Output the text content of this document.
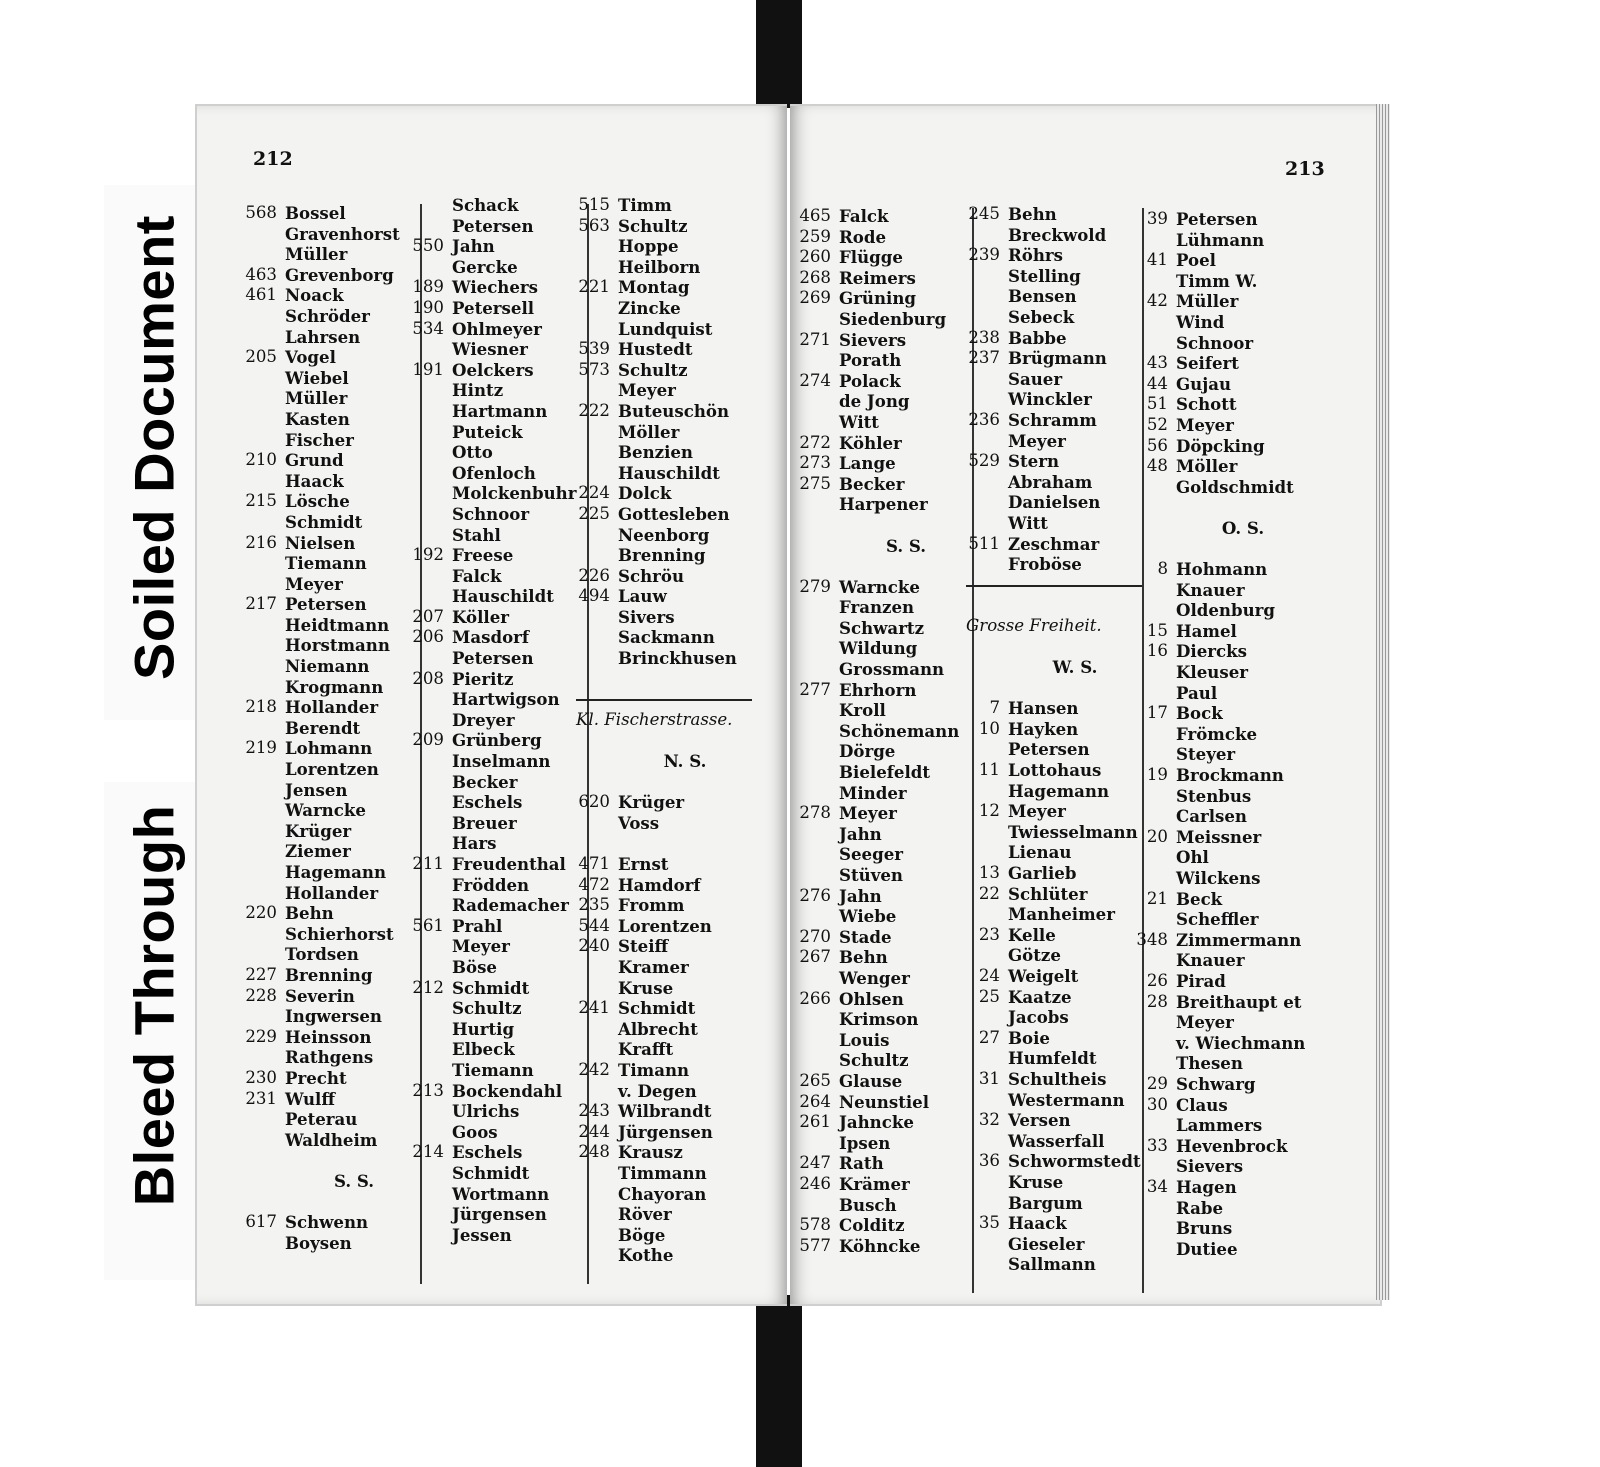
Soiled Document
Bleed Through
212	213
568 Bossel
Gravenhorst
Müller
463 Grevenborg
461 Noack
Schröder
Lahrsen
205 Vogel
Wiebel
Müller
Kasten
Fischer
210 Grund
Haack
215 Lösche
Schmidt
216 Nielsen
Tiemann
Meyer
217 Petersen
Heidtmann
Horstmann
Niemann
Krogmann
218 Hollander
Berendt
219 Lohmann
Lorentzen
Jensen
Warncke
Krüger
Ziemer
Hagemann
Hollander
220 Behn
Schierhorst
Tordsen
227 Brenning
228 Severin
Ingwersen
229 Heinsson
Rathgens
230 Precht
231 Wulff
Peterau
Waldheim
S. S.
617 Schwenn
Boysen
Schack
Petersen
550 Jahn
Gercke
189 Wiechers
190 Petersell
534 Ohlmeyer
Wiesner
191 Oelckers
Hintz
Hartmann
Puteick
Otto
Ofenloch
Molckenbuhr
Schnoor
Stahl
192 Freese
Falck
Hauschildt
207 Köller
206 Masdorf
Petersen
208 Pieritz
Hartwigson
Dreyer
209 Grünberg
Inselmann
Becker
Eschels
Breuer
Hars
211 Freudenthal
Frödden
Rademacher
561 Prahl
Meyer
Böse
212 Schmidt
Schultz
Hurtig
Elbeck
Tiemann
213 Bockendahl
Ulrichs
Goos
214 Eschels
Schmidt
Wortmann
Jürgensen
Jessen
515 Timm
563 Schultz
Hoppe
Heilborn
221 Montag
Zincke
Lundquist
539 Hustedt
573 Schultz
Meyer
222 Buteuschön
Möller
Benzien
Hauschildt
224 Dolck
225 Gottesleben
Neenborg
Brenning
226 Schröu
494 Lauw
Sivers
Sackmann
Brinckhusen
Kl. Fischerstrasse.
N. S.
620 Krüger
Voss
471 Ernst
472 Hamdorf
235 Fromm
544 Lorentzen
240 Steiff
Kramer
Kruse
241 Schmidt
Albrecht
Krafft
242 Timann
v. Degen
243 Wilbrandt
244 Jürgensen
248 Krausz
Timmann
Chayoran
Röver
Böge
Kothe
465 Falck
259 Rode
260 Flügge
268 Reimers
269 Grüning
Siedenburg
271 Sievers
Porath
274 Polack
de Jong
Witt
272 Köhler
273 Lange
275 Becker
Harpener
S. S.
279 Warncke
Franzen
Schwartz
Wildung
Grossmann
277 Ehrhorn
Kroll
Schönemann
Dörge
Bielefeldt
Minder
278 Meyer
Jahn
Seeger
Stüven
276 Jahn
Wiebe
270 Stade
267 Behn
Wenger
266 Ohlsen
Krimson
Louis
Schultz
265 Glause
264 Neunstiel
261 Jahncke
Ipsen
247 Rath
246 Krämer
Busch
578 Colditz
577 Köhncke
245 Behn
Breckwold
239 Röhrs
Stelling
Bensen
Sebeck
238 Babbe
237 Brügmann
Sauer
Winckler
236 Schramm
Meyer
529 Stern
Abraham
Danielsen
Witt
511 Zeschmar
Froböse
Grosse Freiheit.
W. S.
7 Hansen
10 Hayken
Petersen
11 Lottohaus
Hagemann
12 Meyer
Twiesselmann
Lienau
13 Garlieb
22 Schlüter
Manheimer
23 Kelle
Götze
24 Weigelt
25 Kaatze
Jacobs
27 Boie
Humfeldt
31 Schultheis
Westermann
32 Versen
Wasserfall
36 Schwormstedt
Kruse
Bargum
35 Haack
Gieseler
Sallmann
39 Petersen
Lühmann
41 Poel
Timm W.
42 Müller
Wind
Schnoor
43 Seifert
44 Gujau
51 Schott
52 Meyer
56 Döpcking
48 Möller
Goldschmidt
O. S.
8 Hohmann
Knauer
Oldenburg
15 Hamel
16 Diercks
Kleuser
Paul
17 Bock
Frömcke
Steyer
19 Brockmann
Stenbus
Carlsen
20 Meissner
Ohl
Wilckens
21 Beck
Scheffler
348 Zimmermann
Knauer
26 Pirad
28 Breithaupt et
Meyer
v. Wiechmann
Thesen
29 Schwarg
30 Claus
Lammers
33 Hevenbrock
Sievers
34 Hagen
Rabe
Bruns
Dutiee
